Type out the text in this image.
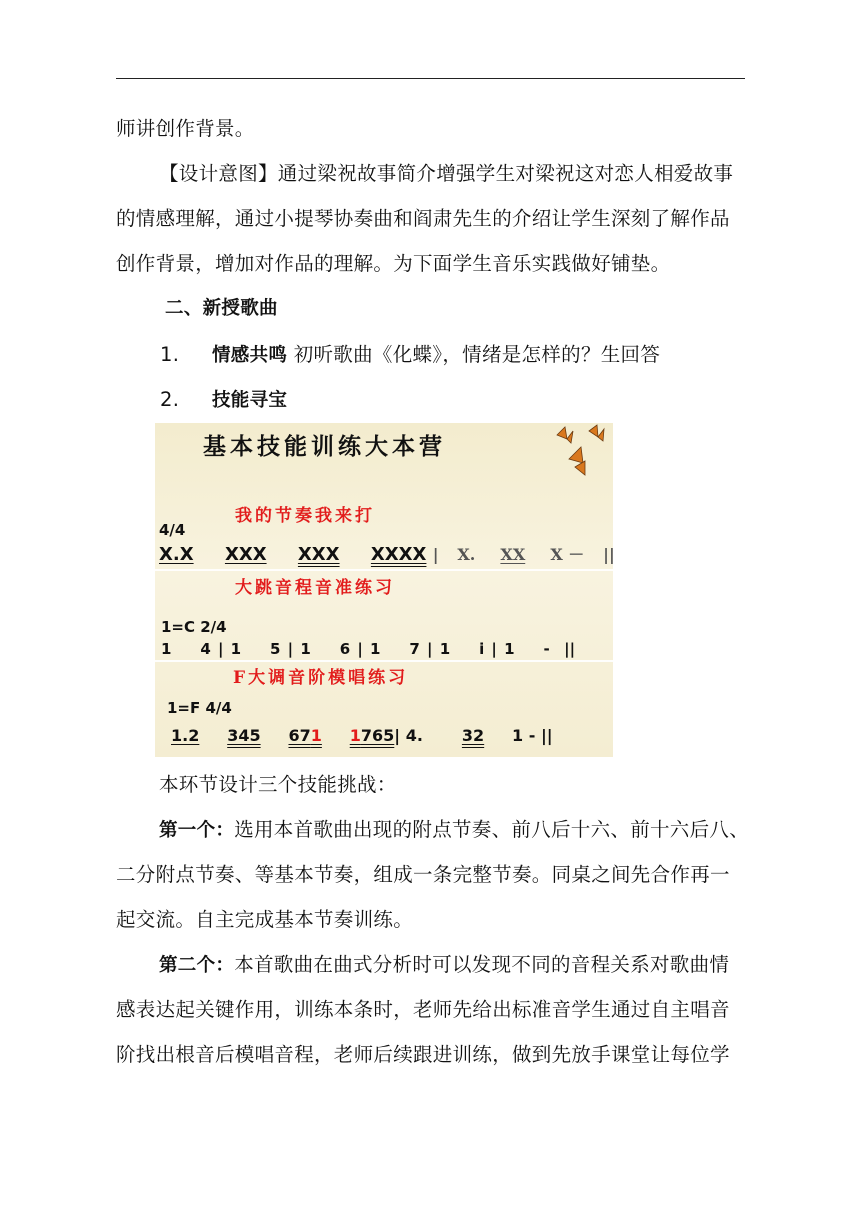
师讲创作背景。
【设计意图】通过梁祝故事简介增强学生对梁祝这对恋人相爱故事
的情感理解，通过小提琴协奏曲和阎肃先生的介绍让学生深刻了解作品
创作背景，增加对作品的理解。为下面学生音乐实践做好铺垫。
二、新授歌曲
1. 情感共鸣 初听歌曲《化蝶》，情绪是怎样的？生回答
2. 技能寻宝
基本技能训练大本营
我的节奏我来打
4/4
X.X XXX XXX XXXX | X. XX X － ||
大跳音程音准练习
1=C 2/4
1    4 | 1    5 | 1    6 | 1    7 | 1    i | 1    -  ||
F大调音阶模唱练习
1=F 4/4
1.2 345 671 1765| 4. 32 1 - ||
本环节设计三个技能挑战：
第一个：选用本首歌曲出现的附点节奏、前八后十六、前十六后八、
二分附点节奏、等基本节奏，组成一条完整节奏。同桌之间先合作再一
起交流。自主完成基本节奏训练。
第二个：本首歌曲在曲式分析时可以发现不同的音程关系对歌曲情
感表达起关键作用，训练本条时，老师先给出标准音学生通过自主唱音
阶找出根音后模唱音程，老师后续跟进训练，做到先放手课堂让每位学
